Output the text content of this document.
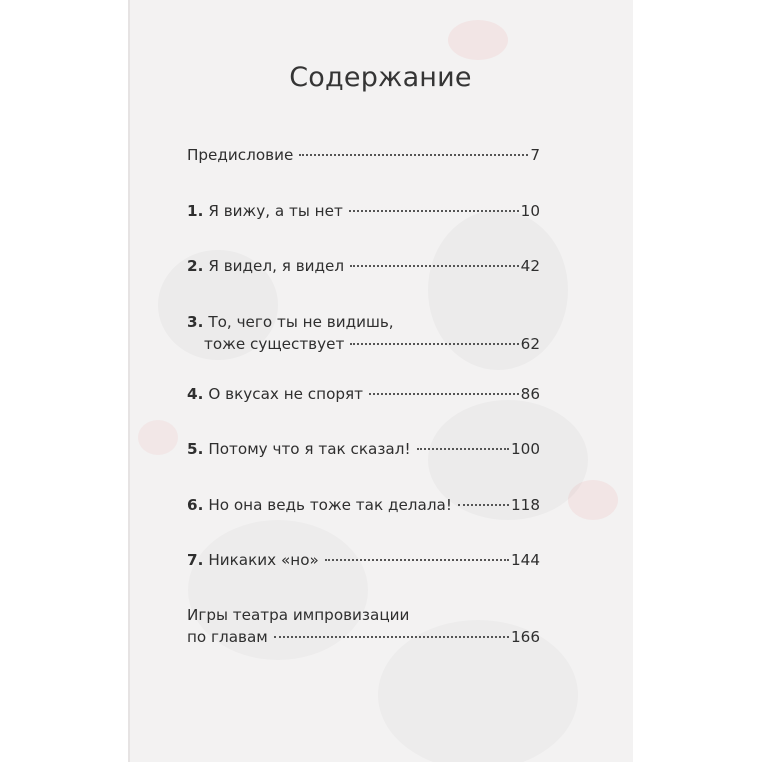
Содержание
Предисловие	7
1. Я вижу, а ты нет	10
2. Я видел, я видел	42
3. То, чего ты не видишь,
тоже существует	62
4. О вкусах не спорят	86
5. Потому что я так сказал!	100
6. Но она ведь тоже так делала!	118
7. Никаких «но»	144
Игры театра импровизации
по главам	166
